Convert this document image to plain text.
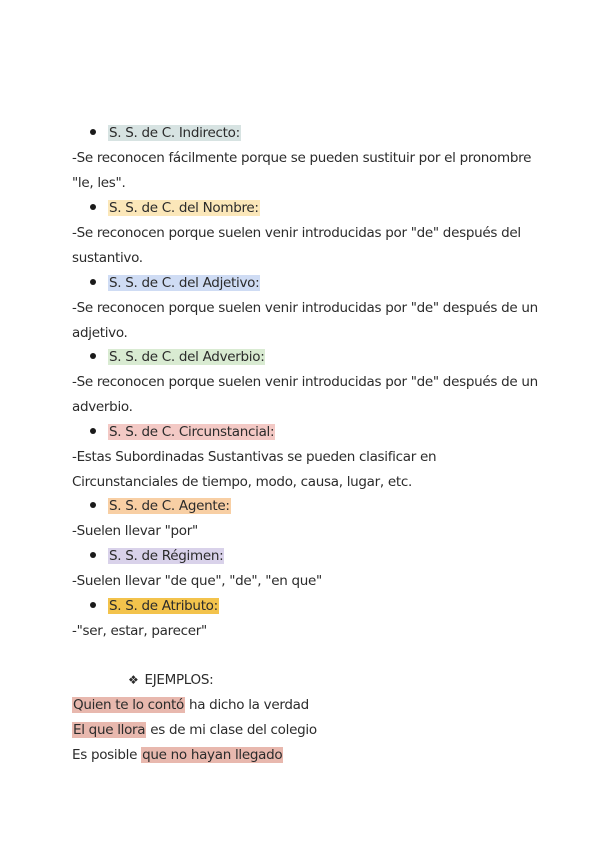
S. S. de C. Indirecto:
-Se reconocen fácilmente porque se pueden sustituir por el pronombre
"le, les".
S. S. de C. del Nombre:
-Se reconocen porque suelen venir introducidas por "de" después del
sustantivo.
S. S. de C. del Adjetivo:
-Se reconocen porque suelen venir introducidas por "de" después de un
adjetivo.
S. S. de C. del Adverbio:
-Se reconocen porque suelen venir introducidas por "de" después de un
adverbio.
S. S. de C. Circunstancial:
-Estas Subordinadas Sustantivas se pueden clasificar en
Circunstanciales de tiempo, modo, causa, lugar, etc.
S. S. de C. Agente:
-Suelen llevar "por"
S. S. de Régimen:
-Suelen llevar "de que", "de", "en que"
S. S. de Atributo:
-"ser, estar, parecer"
❖ EJEMPLOS:
Quien te lo contó ha dicho la verdad
El que llora es de mi clase del colegio
Es posible que no hayan llegado
